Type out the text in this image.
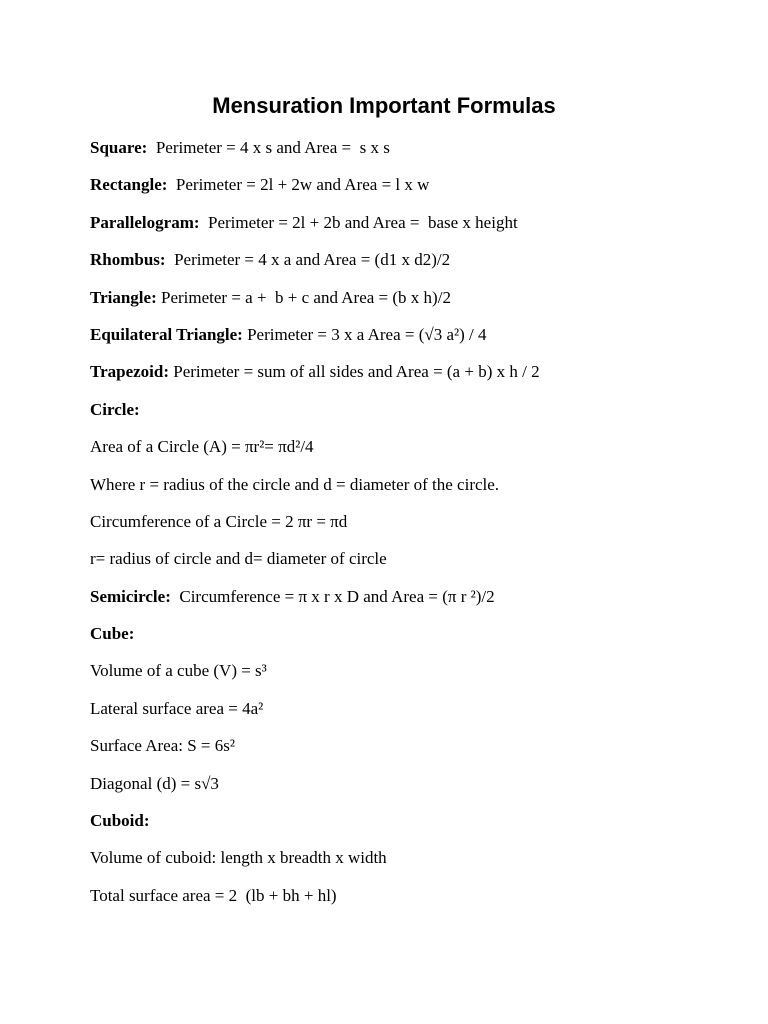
Mensuration Important Formulas
Square:  Perimeter = 4 x s and Area =  s x s
Rectangle:  Perimeter = 2l + 2w and Area = l x w
Parallelogram:  Perimeter = 2l + 2b and Area =  base x height
Rhombus:  Perimeter = 4 x a and Area = (d1 x d2)/2
Triangle: Perimeter = a +  b + c and Area = (b x h)/2
Equilateral Triangle: Perimeter = 3 x a Area = (√3 a²) / 4
Trapezoid: Perimeter = sum of all sides and Area = (a + b) x h / 2
Circle:
Area of a Circle (A) = πr²= πd²/4
Where r = radius of the circle and d = diameter of the circle.
Circumference of a Circle = 2 πr = πd
r= radius of circle and d= diameter of circle
Semicircle:  Circumference = π x r x D and Area = (π r ²)/2
Cube:
Volume of a cube (V) = s³
Lateral surface area = 4a²
Surface Area: S = 6s²
Diagonal (d) = s√3
Cuboid:
Volume of cuboid: length x breadth x width
Total surface area = 2  (lb + bh + hl)
